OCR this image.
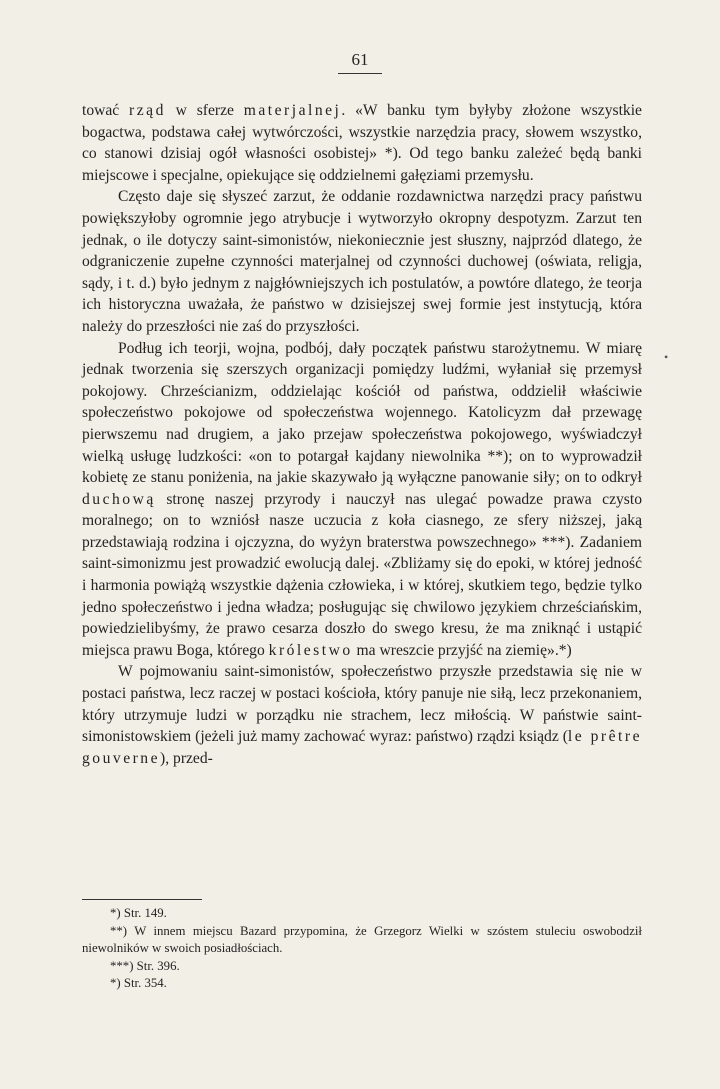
61

tować rząd w sferze materjalnej. «W banku tym byłyby złożone wszystkie bogactwa, podstawa całej wytwórczości, wszystkie narzędzia pracy, słowem wszystko, co stanowi dzisiaj ogół własności osobistej» *). Od tego banku zależeć będą banki miejscowe i specjalne, opiekujące się oddzielnemi gałęziami przemysłu.

Często daje się słyszeć zarzut, że oddanie rozdawnictwa narzędzi pracy państwu powiększyłoby ogromnie jego atrybucje i wytworzyło okropny despotyzm. Zarzut ten jednak, o ile dotyczy saint-simonistów, niekoniecznie jest słuszny, najprzód dlatego, że odgraniczenie zupełne czynności materjalnej od czynności duchowej (oświata, religja, sądy, i t. d.) było jednym z najgłówniejszych ich postulatów, a powtóre dlatego, że teorja ich historyczna uważała, że państwo w dzisiejszej swej formie jest instytucją, która należy do przeszłości nie zaś do przyszłości.

Podług ich teorji, wojna, podbój, dały początek państwu starożytnemu. W miarę jednak tworzenia się szerszych organizacji pomiędzy ludźmi, wyłaniał się przemysł pokojowy. Chrześcianizm, oddzielając kościół od państwa, oddzielił właściwie społeczeństwo pokojowe od społeczeństwa wojennego. Katolicyzm dał przewagę pierwszemu nad drugiem, a jako przejaw społeczeństwa pokojowego, wyświadczył wielką usługę ludzkości: «on to potargał kajdany niewolnika **); on to wyprowadził kobietę ze stanu poniżenia, na jakie skazywało ją wyłączne panowanie siły; on to odkrył duchową stronę naszej przyrody i nauczył nas ulegać powadze prawa czysto moralnego; on to wzniósł nasze uczucia z koła ciasnego, ze sfery niższej, jaką przedstawiają rodzina i ojczyzna, do wyżyn braterstwa powszechnego» ***). Zadaniem saint-simonizmu jest prowadzić ewolucją dalej. «Zbliżamy się do epoki, w której jedność i harmonia powiążą wszystkie dążenia człowieka, i w której, skutkiem tego, będzie tylko jedno społeczeństwo i jedna władza; posługując się chwilowo językiem chrześciańskim, powiedzielibyśmy, że prawo cesarza doszło do swego kresu, że ma zniknąć i ustąpić miejsca prawu Boga, którego królestwo ma wreszcie przyjść na ziemię».*)

W pojmowaniu saint-simonistów, społeczeństwo przyszłe przedstawia się nie w postaci państwa, lecz raczej w postaci kościoła, który panuje nie siłą, lecz przekonaniem, który utrzymuje ludzi w porządku nie strachem, lecz miłością. W państwie saint-simonistowskiem (jeżeli już mamy zachować wyraz: państwo) rządzi ksiądz (le prêtre gouverne), przed-

*) Str. 149.

**) W innem miejscu Bazard przypomina, że Grzegorz Wielki w szóstem stuleciu oswobodził niewolników w swoich posiadłościach.

***) Str. 396.

*) Str. 354.

•
